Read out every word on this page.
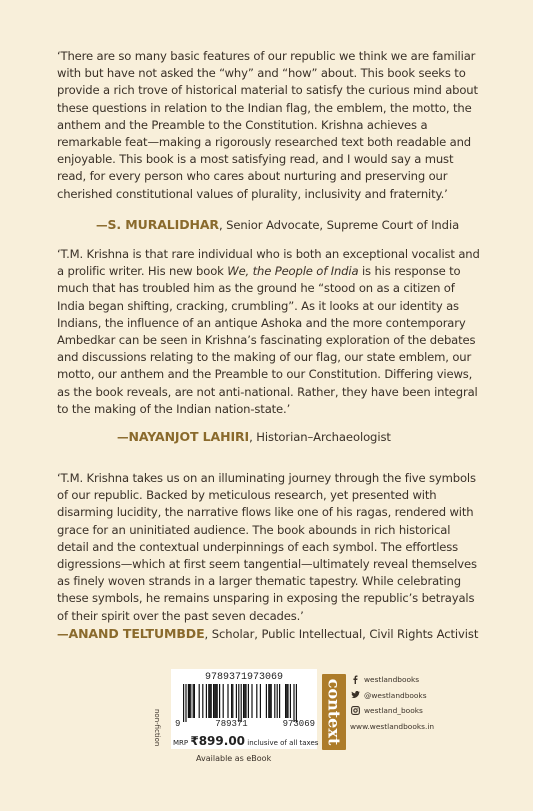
‘There are so many basic features of our republic we think we are familiar with but have not asked the “why” and “how” about. This book seeks to provide a rich trove of historical material to satisfy the curious mind about these questions in relation to the Indian flag, the emblem, the motto, the anthem and the Preamble to the Constitution. Krishna achieves a remarkable feat—making a rigorously researched text both readable and enjoyable. This book is a most satisfying read, and I would say a must read, for every person who cares about nurturing and preserving our cherished constitutional values of plurality, inclusivity and fraternity.’

—S. MURALIDHAR, Senior Advocate, Supreme Court of India

‘T.M. Krishna is that rare individual who is both an exceptional vocalist and a prolific writer. His new book We, the People of India is his response to much that has troubled him as the ground he “stood on as a citizen of India began shifting, cracking, crumbling”. As it looks at our identity as Indians, the influence of an antique Ashoka and the more contemporary Ambedkar can be seen in Krishna’s fascinating exploration of the debates and discussions relating to the making of our flag, our state emblem, our motto, our anthem and the Preamble to our Constitution. Differing views, as the book reveals, are not anti-national. Rather, they have been integral to the making of the Indian nation-state.’

—NAYANJOT LAHIRI, Historian–Archaeologist

‘T.M. Krishna takes us on an illuminating journey through the five symbols of our republic. Backed by meticulous research, yet presented with disarming lucidity, the narrative flows like one of his ragas, rendered with grace for an uninitiated audience. The book abounds in rich historical detail and the contextual underpinnings of each symbol. The effortless digressions—which at first seem tangential—ultimately reveal themselves as finely woven strands in a larger thematic tapestry. While celebrating these symbols, he remains unsparing in exposing the republic’s betrayals of their spirit over the past seven decades.’

—ANAND TELTUMBDE, Scholar, Public Intellectual, Civil Rights Activist
non-fiction
9789371973069
9	789371	973069
MRP ₹899.00 inclusive of all taxes
Available as eBook
context	westlandbooks
@westlandbooks
westland_books
www.westlandbooks.in
